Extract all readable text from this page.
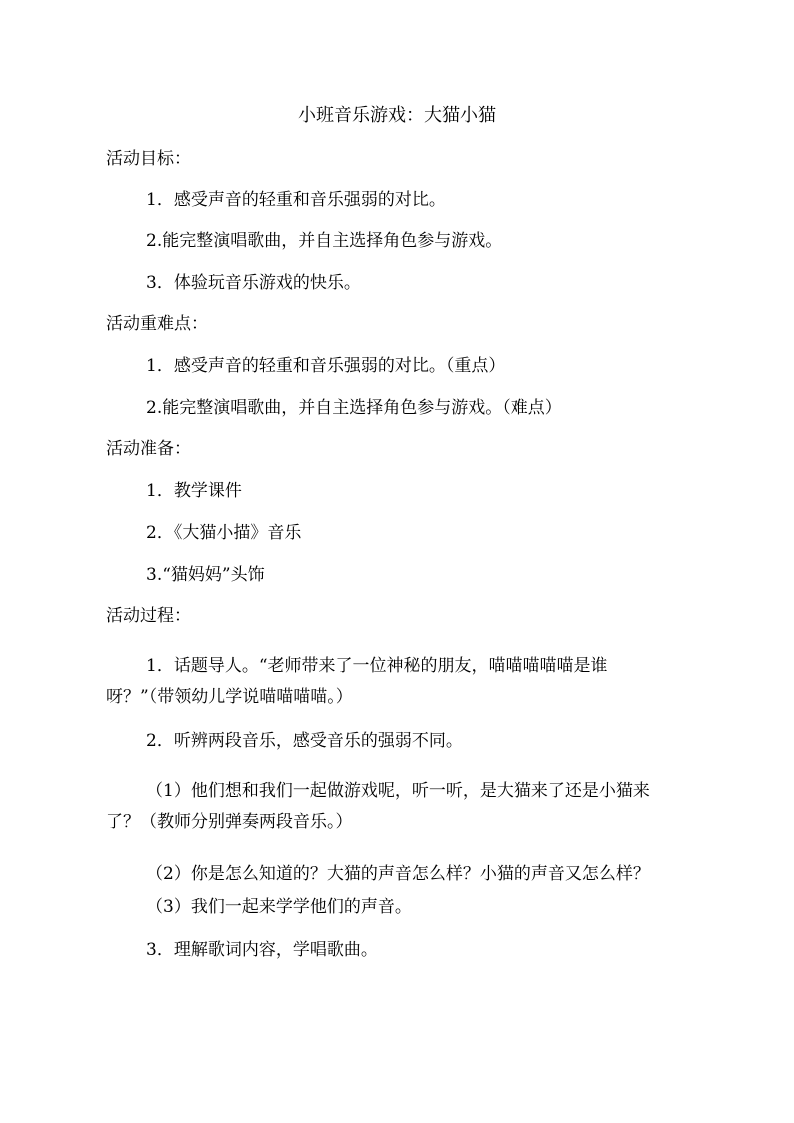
小班音乐游戏：大猫小猫
活动目标：
1．感受声音的轻重和音乐强弱的对比。
2.能完整演唱歌曲，并自主选择角色参与游戏。
3．体验玩音乐游戏的快乐。
活动重难点：
1．感受声音的轻重和音乐强弱的对比。（重点）
2.能完整演唱歌曲，并自主选择角色参与游戏。（难点）
活动准备：
1．教学课件
2．《大猫小描》音乐
3.“猫妈妈”头饰
活动过程：
1．话题导人。“老师带来了一位神秘的朋友，喵喵喵喵喵是谁
呀？”（带领幼儿学说喵喵喵喵。）
2．听辨两段音乐，感受音乐的强弱不同。
（1）他们想和我们一起做游戏呢，听一听，是大猫来了还是小猫来
了？（教师分别弹奏两段音乐。）
（2）你是怎么知道的？大猫的声音怎么样？小猫的声音又怎么样？
（3）我们一起来学学他们的声音。
3．理解歌词内容，学唱歌曲。
